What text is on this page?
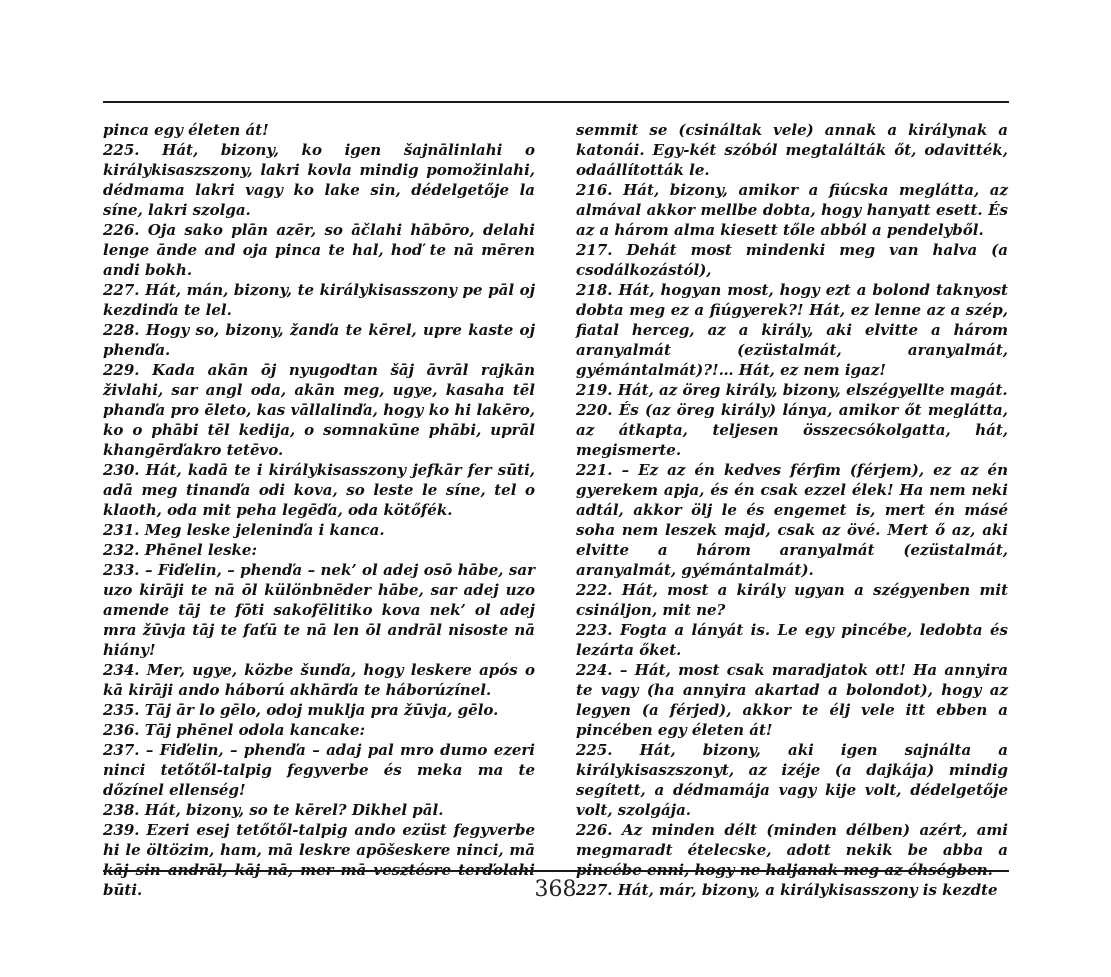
pinca egy életen át!

225. Hát, bizony, ko igen šajnālinlahi o királykisaszszony, lakri kovla mindig pomožinlahi, dédmama lakri vagy ko lake sin, dédelgetője la síne, lakri szolga.

226. Oja sako plān azēr, so āčlahi hābōro, delahi lenge ānde and oja pinca te hal, hoď te nā mēren andi bokh.

227. Hát, mán, bizony, te királykisasszony pe pāl oj kezdinďa te lel.

228. Hogy so, bizony, žanďa te kērel, upre kaste oj phenďa.

229. Kada akān ōj nyugodtan šāj āvrāl rajkān živlahi, sar angl oda, akān meg, ugye, kasaha tēl phanďa pro ēleto, kas vāllalinďa, hogy ko hi lakēro, ko o phābi tēl kedija, o somnakūne phābi, uprāl khangērďakro tetēvo.

230. Hát, kadā te i királykisasszony jefkār fer sūti, adā meg tinanďa odi kova, so leste le síne, tel o klaoth, oda mit peha legēďa, oda kötőfék.

231. Meg leske jeleninďa i kanca.

232. Phēnel leske:

233. – Fiďelin, – phenďa – nek’ ol adej osō hābe, sar uzo kirāji te nā ōl különbnēder hābe, sar adej uzo amende tāj te fōti sakofēlitiko kova nek’ ol adej mra žūvja tāj te faťū te nā len ōl andrāl nisoste nā hiány!

234. Mer, ugye, közbe šunďa, hogy leskere após o kā kirāji ando háború akhārďa te háborúzínel.

235. Tāj ār lo gēlo, odoj muklja pra žūvja, gēlo.

236. Tāj phēnel odola kancake:

237. – Fiďelin, – phenďa – adaj pal mro dumo ezeri ninci tetőtől-talpig fegyverbe és meka ma te dőzínel ellenség!

238. Hát, bizony, so te kērel? Dikhel pāl.

239. Ezeri esej tetőtől-talpig ando ezüst fegyverbe hi le öltözim, ham, mā leskre apōšeskere ninci, mā kāj sin andrāl, kāj nā, mer mā vesztésre terďolahi būti.

semmit se (csináltak vele) annak a királynak a katonái. Egy-két szóból megtalálták őt, odavitték, odaállították le.

216. Hát, bizony, amikor a fiúcska meglátta, az almával akkor mellbe dobta, hogy hanyatt esett. És az a három alma kiesett tőle abból a pendelyből.

217. Dehát most mindenki meg van halva (a csodálkozástól),

218. Hát, hogyan most, hogy ezt a bolond taknyost dobta meg ez a fiúgyerek?! Hát, ez lenne az a szép, fiatal herceg, az a király, aki elvitte a három aranyalmát (ezüstalmát, aranyalmát, gyémántalmát)?!… Hát, ez nem igaz!

219. Hát, az öreg király, bizony, elszégyellte magát.

220. És (az öreg király) lánya, amikor őt meglátta, az átkapta, teljesen összecsókolgatta, hát, megismerte.

221. – Ez az én kedves férfim (férjem), ez az én gyerekem apja, és én csak ezzel élek! Ha nem neki adtál, akkor ölj le és engemet is, mert én másé soha nem leszek majd, csak az övé. Mert ő az, aki elvitte a három aranyalmát (ezüstalmát, aranyalmát, gyémántalmát).

222. Hát, most a király ugyan a szégyenben mit csináljon, mit ne?

223. Fogta a lányát is. Le egy pincébe, ledobta és lezárta őket.

224. – Hát, most csak maradjatok ott! Ha annyira te vagy (ha annyira akartad a bolondot), hogy az legyen (a férjed), akkor te élj vele itt ebben a pincében egy életen át!

225. Hát, bizony, aki igen sajnálta a királykisaszszonyt, az izéje (a dajkája) mindig segített, a dédmamája vagy kije volt, dédelgetője volt, szolgája.

226. Az minden délt (minden délben) azért, ami megmaradt ételecske, adott nekik be abba a pincébe enni, hogy ne haljanak meg az éhségben.

227. Hát, már, bizony, a királykisasszony is kezdte

368
